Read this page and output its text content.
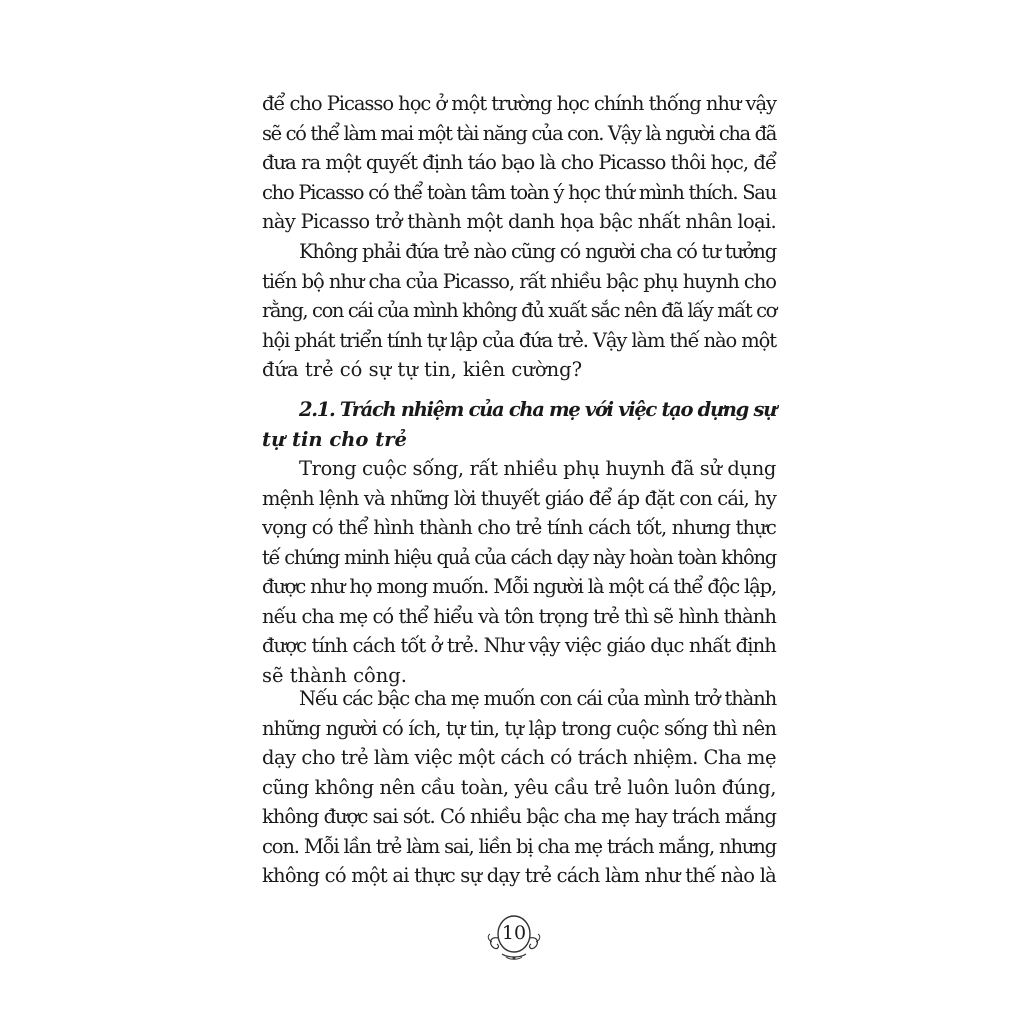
để cho Picasso học ở một trường học chính thống như vậy
sẽ có thể làm mai một tài năng của con. Vậy là người cha đã
đưa ra một quyết định táo bạo là cho Picasso thôi học, để
cho Picasso có thể toàn tâm toàn ý học thứ mình thích. Sau
này Picasso trở thành một danh họa bậc nhất nhân loại.
Không phải đứa trẻ nào cũng có người cha có tư tưởng
tiến bộ như cha của Picasso, rất nhiều bậc phụ huynh cho
rằng, con cái của mình không đủ xuất sắc nên đã lấy mất cơ
hội phát triển tính tự lập của đứa trẻ. Vậy làm thế nào một
đứa trẻ có sự tự tin, kiên cường?
2.1. Trách nhiệm của cha mẹ với việc tạo dựng sự
tự tin cho trẻ
Trong cuộc sống, rất nhiều phụ huynh đã sử dụng
mệnh lệnh và những lời thuyết giáo để áp đặt con cái, hy
vọng có thể hình thành cho trẻ tính cách tốt, nhưng thực
tế chứng minh hiệu quả của cách dạy này hoàn toàn không
được như họ mong muốn. Mỗi người là một cá thể độc lập,
nếu cha mẹ có thể hiểu và tôn trọng trẻ thì sẽ hình thành
được tính cách tốt ở trẻ. Như vậy việc giáo dục nhất định
sẽ thành công.
Nếu các bậc cha mẹ muốn con cái của mình trở thành
những người có ích, tự tin, tự lập trong cuộc sống thì nên
dạy cho trẻ làm việc một cách có trách nhiệm. Cha mẹ
cũng không nên cầu toàn, yêu cầu trẻ luôn luôn đúng,
không được sai sót. Có nhiều bậc cha mẹ hay trách mắng
con. Mỗi lần trẻ làm sai, liền bị cha mẹ trách mắng, nhưng
không có một ai thực sự dạy trẻ cách làm như thế nào là
10
